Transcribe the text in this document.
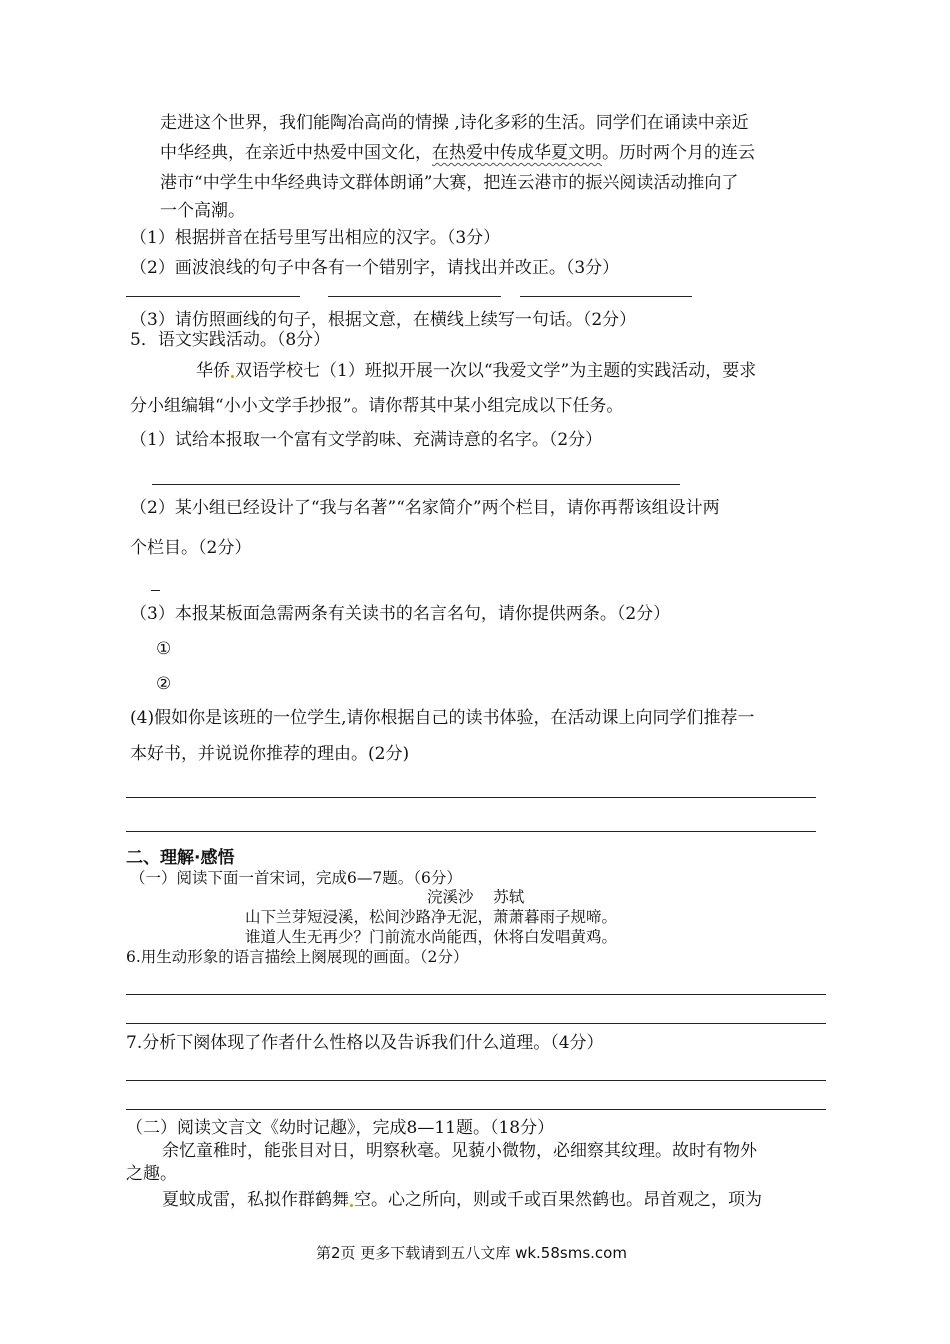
走进这个世界，我们能陶冶高尚的情操 ,诗化多彩的生活。同学们在诵读中亲近
中华经典，在亲近中热爱中国文化，在热爱中传成华夏文明。历时两个月的连云
港市“中学生中华经典诗文群体朗诵”大赛，把连云港市的振兴阅读活动推向了
一个高潮。
（1）根据拼音在括号里写出相应的汉字。（3分）
（2）画波浪线的句子中各有一个错别字，请找出并改正。（3分）
（3）请仿照画线的句子，根据文意，在横线上续写一句话。（2分）
5．语文实践活动。（8分）
华侨 双语学校七（1）班拟开展一次以“我爱文学”为主题的实践活动，要求
分小组编辑“小小文学手抄报”。请你帮其中某小组完成以下任务。
（1）试给本报取一个富有文学韵味、充满诗意的名字。（2分）
（2）某小组已经设计了“我与名著”“名家简介”两个栏目，请你再帮该组设计两
个栏目。（2分）
（3）本报某板面急需两条有关读书的名言名句，请你提供两条。（2分）
①
②
(4)假如你是该班的一位学生,请你根据自己的读书体验，在活动课上向同学们推荐一
本好书，并说说你推荐的理由。(2分)
二、理解·感悟
（一）阅读下面一首宋词，完成6—7题。（6分）
浣溪沙 苏轼
山下兰芽短浸溪，松间沙路净无泥，萧萧暮雨子规啼。
谁道人生无再少？门前流水尚能西，休将白发唱黄鸡。
6.用生动形象的语言描绘上阕展现的画面。（2分）
7.分析下阕体现了作者什么性格以及告诉我们什么道理。（4分）
（二）阅读文言文《幼时记趣》，完成8—11题。（18分）
余忆童稚时，能张目对日，明察秋毫。见藐小微物，必细察其纹理。故时有物外
之趣。
夏蚊成雷，私拟作群鹤舞 空。心之所向，则或千或百果然鹤也。昂首观之，项为
第2页 更多下载请到五八文库 wk.58sms.com
